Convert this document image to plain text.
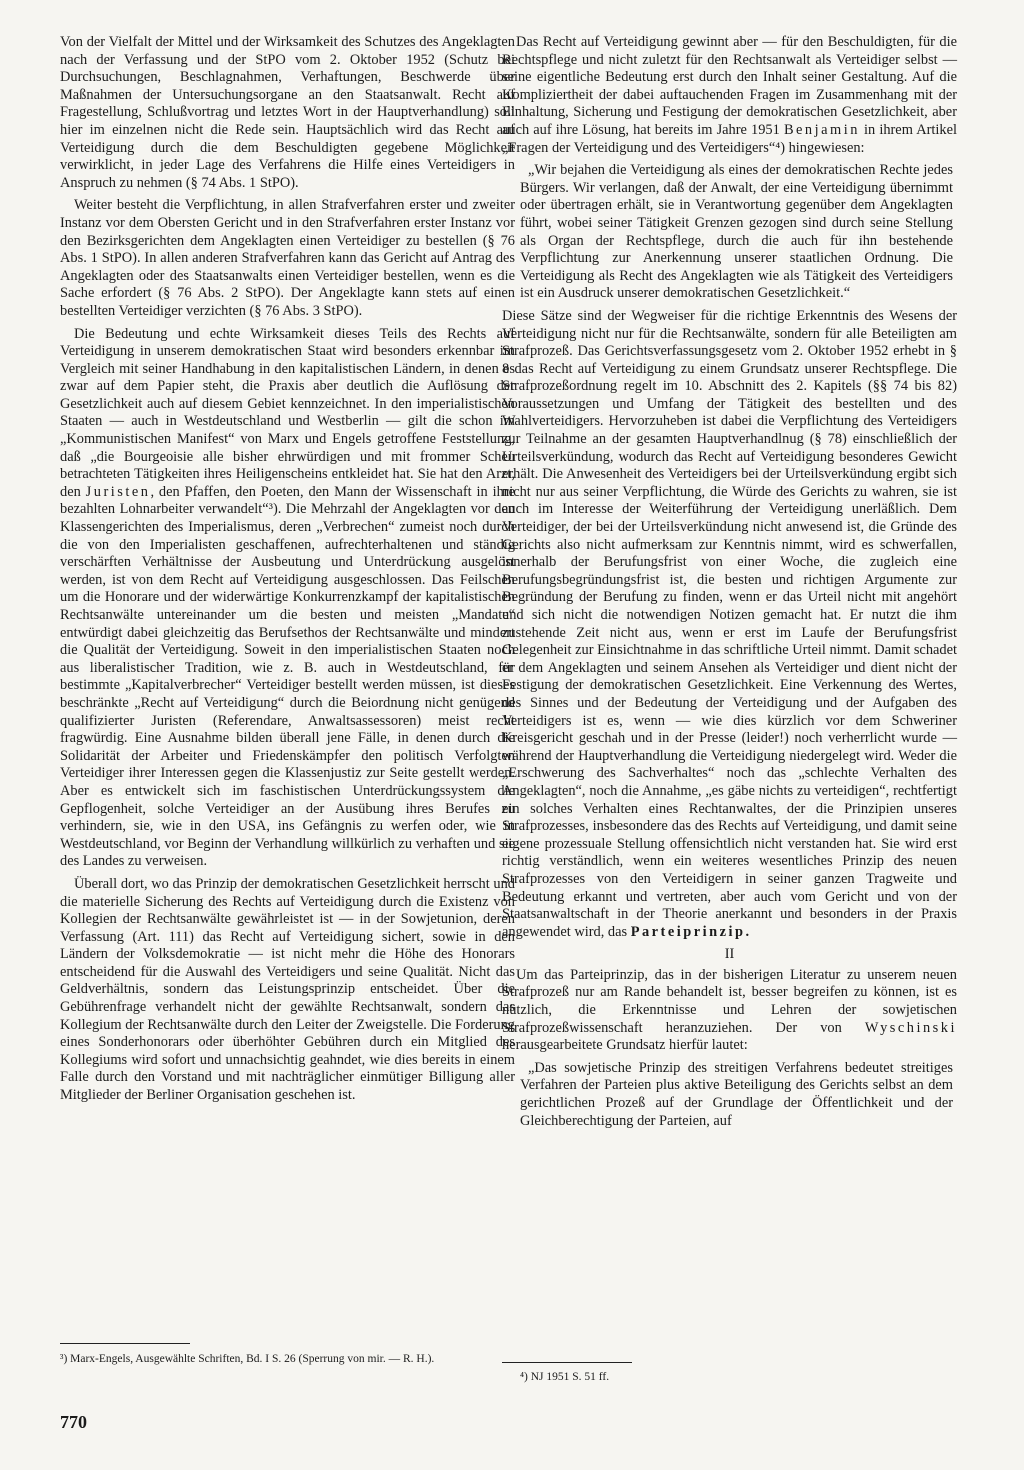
Von der Vielfalt der Mittel und der Wirksamkeit des Schutzes des Angeklagten nach der Verfassung und der StPO vom 2. Oktober 1952 (Schutz bei Durchsuchungen, Beschlagnahmen, Verhaftungen, Beschwerde über Maßnahmen der Untersuchungsorgane an den Staatsanwalt. Recht auf Fragestellung, Schlußvortrag und letztes Wort in der Hauptverhandlung) soll hier im einzelnen nicht die Rede sein. Hauptsächlich wird das Recht auf Verteidigung durch die dem Beschuldigten gegebene Möglichkeit verwirklicht, in jeder Lage des Verfahrens die Hilfe eines Verteidigers in Anspruch zu nehmen (§ 74 Abs. 1 StPO).

Weiter besteht die Verpflichtung, in allen Strafverfahren erster und zweiter Instanz vor dem Obersten Gericht und in den Strafverfahren erster Instanz vor den Bezirksgerichten dem Angeklagten einen Verteidiger zu bestellen (§ 76 Abs. 1 StPO). In allen anderen Strafverfahren kann das Gericht auf Antrag des Angeklagten oder des Staatsanwalts einen Verteidiger bestellen, wenn es die Sache erfordert (§ 76 Abs. 2 StPO). Der Angeklagte kann stets auf einen bestellten Verteidiger verzichten (§ 76 Abs. 3 StPO).

Die Bedeutung und echte Wirksamkeit dieses Teils des Rechts auf Verteidigung in unserem demokratischen Staat wird besonders erkennbar im Vergleich mit seiner Handhabung in den kapitalistischen Ländern, in denen es zwar auf dem Papier steht, die Praxis aber deutlich die Auflösung der Gesetzlichkeit auch auf diesem Gebiet kennzeichnet. In den imperialistischen Staaten — auch in Westdeutschland und Westberlin — gilt die schon im „Kommunistischen Manifest“ von Marx und Engels getroffene Feststellung, daß „die Bourgeoisie alle bisher ehrwürdigen und mit frommer Scheu betrachteten Tätigkeiten ihres Heiligenscheins entkleidet hat. Sie hat den Arzt, den Juristen, den Pfaffen, den Poeten, den Mann der Wissenschaft in ihre bezahlten Lohnarbeiter verwandelt“³). Die Mehrzahl der Angeklagten vor den Klassengerichten des Imperialismus, deren „Verbrechen“ zumeist noch durch die von den Imperialisten geschaffenen, aufrechterhaltenen und ständig verschärften Verhältnisse der Ausbeutung und Unterdrückung ausgelöst werden, ist von dem Recht auf Verteidigung ausgeschlossen. Das Feilschen um die Honorare und der widerwärtige Konkurrenzkampf der kapitalistischen Rechtsanwälte untereinander um die besten und meisten „Mandate“ entwürdigt dabei gleichzeitig das Berufsethos der Rechtsanwälte und mindert die Qualität der Verteidigung. Soweit in den imperialistischen Staaten noch aus liberalistischer Tradition, wie z. B. auch in Westdeutschland, für bestimmte „Kapitalverbrecher“ Verteidiger bestellt werden müssen, ist dieses beschränkte „Recht auf Verteidigung“ durch die Beiordnung nicht genügend qualifizierter Juristen (Referendare, Anwaltsassessoren) meist recht fragwürdig. Eine Ausnahme bilden überall jene Fälle, in denen durch die Solidarität der Arbeiter und Friedenskämpfer den politisch Verfolgten Verteidiger ihrer Interessen gegen die Klassenjustiz zur Seite gestellt werden. Aber es entwickelt sich im faschistischen Unterdrückungssystem die Gepflogenheit, solche Verteidiger an der Ausübung ihres Berufes zu verhindern, sie, wie in den USA, ins Gefängnis zu werfen oder, wie in Westdeutschland, vor Beginn der Verhandlung willkürlich zu verhaften und sie des Landes zu verweisen.

Überall dort, wo das Prinzip der demokratischen Gesetzlichkeit herrscht und die materielle Sicherung des Rechts auf Verteidigung durch die Existenz von Kollegien der Rechtsanwälte gewährleistet ist — in der Sowjetunion, deren Verfassung (Art. 111) das Recht auf Verteidigung sichert, sowie in den Ländern der Volksdemokratie — ist nicht mehr die Höhe des Honorars entscheidend für die Auswahl des Verteidigers und seine Qualität. Nicht das Geldverhältnis, sondern das Leistungsprinzip entscheidet. Über die Gebührenfrage verhandelt nicht der gewählte Rechtsanwalt, sondern das Kollegium der Rechtsanwälte durch den Leiter der Zweigstelle. Die Forderung eines Sonderhonorars oder überhöhter Gebühren durch ein Mitglied des Kollegiums wird sofort und unnachsichtig geahndet, wie dies bereits in einem Falle durch den Vorstand und mit nachträglicher einmütiger Billigung aller Mitglieder der Berliner Organisation geschehen ist.

³) Marx-Engels, Ausgewählte Schriften, Bd. I S. 26 (Sperrung von mir. — R. H.).

Das Recht auf Verteidigung gewinnt aber — für den Beschuldigten, für die Rechtspflege und nicht zuletzt für den Rechtsanwalt als Verteidiger selbst — seine eigentliche Bedeutung erst durch den Inhalt seiner Gestaltung. Auf die Kompliziertheit der dabei auftauchenden Fragen im Zusammenhang mit der Einhaltung, Sicherung und Festigung der demokratischen Gesetzlichkeit, aber auch auf ihre Lösung, hat bereits im Jahre 1951 Benjamin in ihrem Artikel „Fragen der Verteidigung und des Verteidigers“⁴) hingewiesen:

„Wir bejahen die Verteidigung als eines der demokratischen Rechte jedes Bürgers. Wir verlangen, daß der Anwalt, der eine Verteidigung übernimmt oder übertragen erhält, sie in Verantwortung gegenüber dem Angeklagten führt, wobei seiner Tätigkeit Grenzen gezogen sind durch seine Stellung als Organ der Rechtspflege, durch die auch für ihn bestehende Verpflichtung zur Anerkennung unserer staatlichen Ordnung. Die Verteidigung als Recht des Angeklagten wie als Tätigkeit des Verteidigers ist ein Ausdruck unserer demokratischen Gesetzlichkeit.“

Diese Sätze sind der Wegweiser für die richtige Erkenntnis des Wesens der Verteidigung nicht nur für die Rechtsanwälte, sondern für alle Beteiligten am Strafprozeß. Das Gerichtsverfassungsgesetz vom 2. Oktober 1952 erhebt in § 8 das Recht auf Verteidigung zu einem Grundsatz unserer Rechtspflege. Die Strafprozeßordnung regelt im 10. Abschnitt des 2. Kapitels (§§ 74 bis 82) Voraussetzungen und Umfang der Tätigkeit des bestellten und des Wahlverteidigers. Hervorzuheben ist dabei die Verpflichtung des Verteidigers zur Teilnahme an der gesamten Hauptverhandlnug (§ 78) einschließlich der Urteilsverkündung, wodurch das Recht auf Verteidigung besonderes Gewicht erhält. Die Anwesenheit des Verteidigers bei der Urteilsverkündung ergibt sich nicht nur aus seiner Verpflichtung, die Würde des Gerichts zu wahren, sie ist auch im Interesse der Weiterführung der Verteidigung unerläßlich. Dem Verteidiger, der bei der Urteilsverkündung nicht anwesend ist, die Gründe des Gerichts also nicht aufmerksam zur Kenntnis nimmt, wird es schwerfallen, innerhalb der Berufungsfrist von einer Woche, die zugleich eine Berufungsbegründungsfrist ist, die besten und richtigen Argumente zur Begründung der Berufung zu finden, wenn er das Urteil nicht mit angehört und sich nicht die notwendigen Notizen gemacht hat. Er nutzt die ihm zustehende Zeit nicht aus, wenn er erst im Laufe der Berufungsfrist Gelegenheit zur Einsichtnahme in das schriftliche Urteil nimmt. Damit schadet er dem Angeklagten und seinem Ansehen als Verteidiger und dient nicht der Festigung der demokratischen Gesetzlichkeit. Eine Verkennung des Wertes, des Sinnes und der Bedeutung der Verteidigung und der Aufgaben des Verteidigers ist es, wenn — wie dies kürzlich vor dem Schweriner Kreisgericht geschah und in der Presse (leider!) noch verherrlicht wurde — während der Hauptverhandlung die Verteidigung niedergelegt wird. Weder die „Erschwerung des Sachverhaltes“ noch das „schlechte Verhalten des Angeklagten“, noch die Annahme, „es gäbe nichts zu verteidigen“, rechtfertigt ein solches Verhalten eines Rechtanwaltes, der die Prinzipien unseres Strafprozesses, insbesondere das des Rechts auf Verteidigung, und damit seine eigene prozessuale Stellung offensichtlich nicht verstanden hat. Sie wird erst richtig verständlich, wenn ein weiteres wesentliches Prinzip des neuen Strafprozesses von den Verteidigern in seiner ganzen Tragweite und Bedeutung erkannt und vertreten, aber auch vom Gericht und von der Staatsanwaltschaft in der Theorie anerkannt und besonders in der Praxis angewendet wird, das Parteiprinzip.

II

Um das Parteiprinzip, das in der bisherigen Literatur zu unserem neuen Strafprozeß nur am Rande behandelt ist, besser begreifen zu können, ist es nützlich, die Erkenntnisse und Lehren der sowjetischen Strafprozeßwissenschaft heranzuziehen. Der von Wyschinski herausgearbeitete Grundsatz hierfür lautet:

„Das sowjetische Prinzip des streitigen Verfahrens bedeutet streitiges Verfahren der Parteien plus aktive Beteiligung des Gerichts selbst an dem gerichtlichen Prozeß auf der Grundlage der Öffentlichkeit und der Gleichberechtigung der Parteien, auf

⁴) NJ 1951 S. 51 ff.
770
